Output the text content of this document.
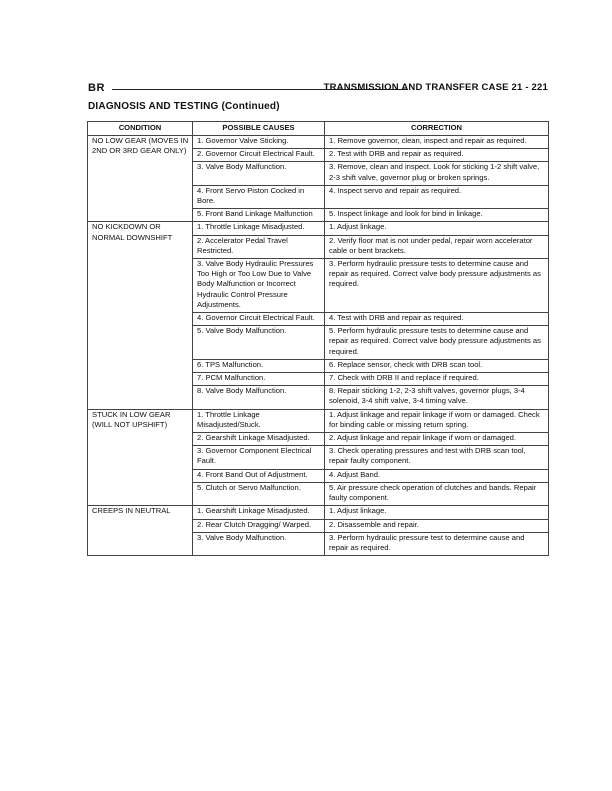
BR	TRANSMISSION AND TRANSFER CASE 21 - 221
DIAGNOSIS AND TESTING (Continued)
CONDITION	POSSIBLE CAUSES	CORRECTION
NO LOW GEAR (MOVES IN 2ND OR 3RD GEAR ONLY)	1. Governor Valve Sticking.	1. Remove governor, clean, inspect and repair as required.
	2. Governor Circuit Electrical Fault.	2. Test with DRB and repair as required.
	3. Valve Body Malfunction.	3. Remove, clean and inspect. Look for sticking 1-2 shift valve, 2-3 shift valve, governor plug or broken springs.
	4. Front Servo Piston Cocked in Bore.	4. Inspect servo and repair as required.
	5. Front Band Linkage Malfunction	5. Inspect linkage and look for bind in linkage.
NO KICKDOWN OR NORMAL DOWNSHIFT	1. Throttle Linkage Misadjusted.	1. Adjust linkage.
	2. Accelerator Pedal Travel Restricted.	2. Verify floor mat is not under pedal, repair worn accelerator cable or bent brackets.
	3. Valve Body Hydraulic Pressures Too High or Too Low Due to Valve Body Malfunction or Incorrect Hydraulic Control Pressure Adjustments.	3. Perform hydraulic pressure tests to determine cause and repair as required. Correct valve body pressure adjustments as required.
	4. Governor Circuit Electrical Fault.	4. Test with DRB and repair as required.
	5. Valve Body Malfunction.	5. Perform hydraulic pressure tests to determine cause and repair as required. Correct valve body pressure adjustments as required.
	6. TPS Malfunction.	6. Replace sensor, check with DRB scan tool.
	7. PCM Malfunction.	7. Check with DRB II and replace if required.
	8. Valve Body Malfunction.	8. Repair sticking 1-2, 2-3 shift valves, governor plugs, 3-4 solenoid, 3-4 shift valve, 3-4 timing valve.
STUCK IN LOW GEAR (WILL NOT UPSHIFT)	1. Throttle Linkage Misadjusted/Stuck.	1. Adjust linkage and repair linkage if worn or damaged. Check for binding cable or missing return spring.
	2. Gearshift Linkage Misadjusted.	2. Adjust linkage and repair linkage if worn or damaged.
	3. Governor Component Electrical Fault.	3. Check operating pressures and test with DRB scan tool, repair faulty component.
	4. Front Band Out of Adjustment.	4. Adjust Band.
	5. Clutch or Servo Malfunction.	5. Air pressure check operation of clutches and bands. Repair faulty component.
CREEPS IN NEUTRAL	1. Gearshift Linkage Misadjusted.	1. Adjust linkage.
	2. Rear Clutch Dragging/ Warped.	2. Disassemble and repair.
	3. Valve Body Malfunction.	3. Perform hydraulic pressure test to determine cause and repair as required.
